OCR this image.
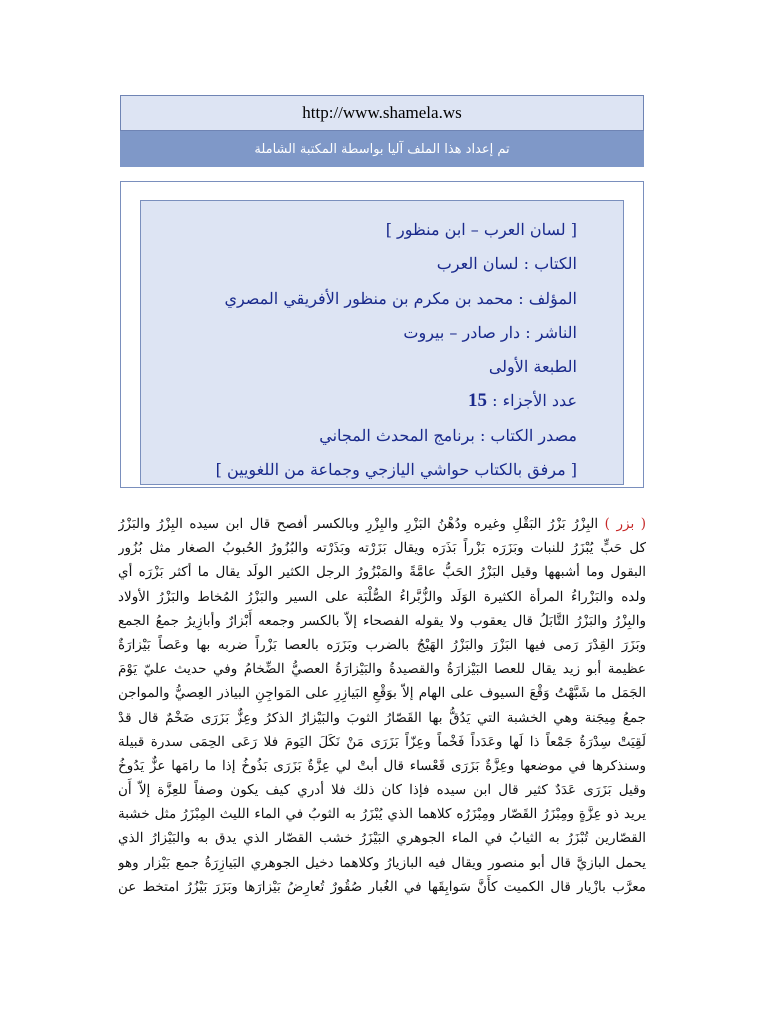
http://www.shamela.ws
تم إعداد هذا الملف آليا بواسطة المكتبة الشاملة
[ لسان العرب – ابن منظور ]
الكتاب : لسان العرب
المؤلف : محمد بن مكرم بن منظور الأفريقي المصري
الناشر : دار صادر – بيروت
الطبعة الأولى
عدد الأجزاء : 15
مصدر الكتاب : برنامج المحدث المجاني
[ مرفق بالكتاب حواشي اليازجي وجماعة من اللغويين ]
( بزر ) البِزْرُ بَزْرُ البَقْلِ وغيره ودُهْنُ البَزْرِ والبِزْرِ وبالكسر أفصح قال ابن سيده البِزْرُ والبَزْرُ
كل حَبٍّ يُبْزَرُ للنبات وبَزَرَه بَزْراً بَذَرَه ويقال بَزَرْته وبَذَرْته والبُزُورُ الحُبوبُ الصغار مثل بُزُور
البقول وما أشبهها وقيل البَزْرُ الحَبُّ عامَّةً والمَبْزُورُ الرجل الكثير الولَد يقال ما أكثر بَزْرَه أي
ولده والبَزْراءُ المرأة الكثيرة الوَلَد والزُّبَّراءُ الصُّلْبَة على السير والبَزْرُ المُخاط والبَزْرُ الأولاد
والبِزْرُ والبَزْرُ التَّابَلُ قال يعقوب ولا يقوله الفصحاء إلاّ بالكسر وجمعه أَبْزارٌ وأبازِيرُ جمعُ الجمع
وبَزَرَ القِدْرَ رَمى فيها البَزْرَ والبَزْرُ الهَيْجُ بالضرب وبَزَرَه بالعصا بَزْراً ضربه بها وعَصاً بَيْزارَةٌ
عظيمة أبو زيد يقال للعصا البَيْزارَةُ والقصيدةُ والبَيْزارَةُ العصيُّ الضِّخامُ وفي حديث عليّ يَوْمَ
الجَمَل ما شَبَّهْتُ وَقْعَ السيوف على الهام إلاّ بوَقْعِ البَيازِرِ على المَواجِنِ البياذر العِصيُّ والمواجن
جمعُ مِيجَنة وهي الخشبة التي يَدُقُّ بها القَصّارُ الثوبَ والبَيْزارُ الذكرُ وعِزٌّ بَزَرَى ضَخْمٌ قال قدْ
لَقِيَتْ سِدْرَةُ جَمْعاً ذا لَها وعَدَداً فَخْماً وعِزّاً بَزَرَى مَنْ نَكَلَ اليَومَ فلا رَعَى الحِمَى سدرة قبيلة
وسنذكرها في موضعها وعِزَّةٌ بَزَرَى قَعْساء قال أبتْ لي عِزَّةٌ بَزَرَى بَذُوخُ إذا ما رامَها عزٌّ يَدُوخُ
وقيل بَزَرَى عَدَدٌ كثير قال ابن سيده فإذا كان ذلك فلا أدري كيف يكون وصفاً للعِزَّة إلاّ أَن
يريد ذو عِزَّةٍ ومِبْزَرُ القَصّار ومِبْزَرُه كلاهما الذي يُبْزَرُ به الثوبُ في الماء الليث المِبْزَرُ مثل خشبة
القصّارين تُبْزَرُ به الثيابُ في الماء الجوهري البَيْزَرُ خشب القصّار الذي يدق به والبَيْزارُ الذي
يحمل البازيَّ قال أبو منصور ويقال فيه البازيارُ وكلاهما دخيل الجوهري البَيازِرَةُ جمع بَيْزار وهو
معرَّب بازْيار قال الكميت كأَنَّ سَوابِقَها في الغُبار صُقُورٌ تُعارِضُ بَيْزارَها وبَزَرَ بَيْزُرُ امتخط عن
